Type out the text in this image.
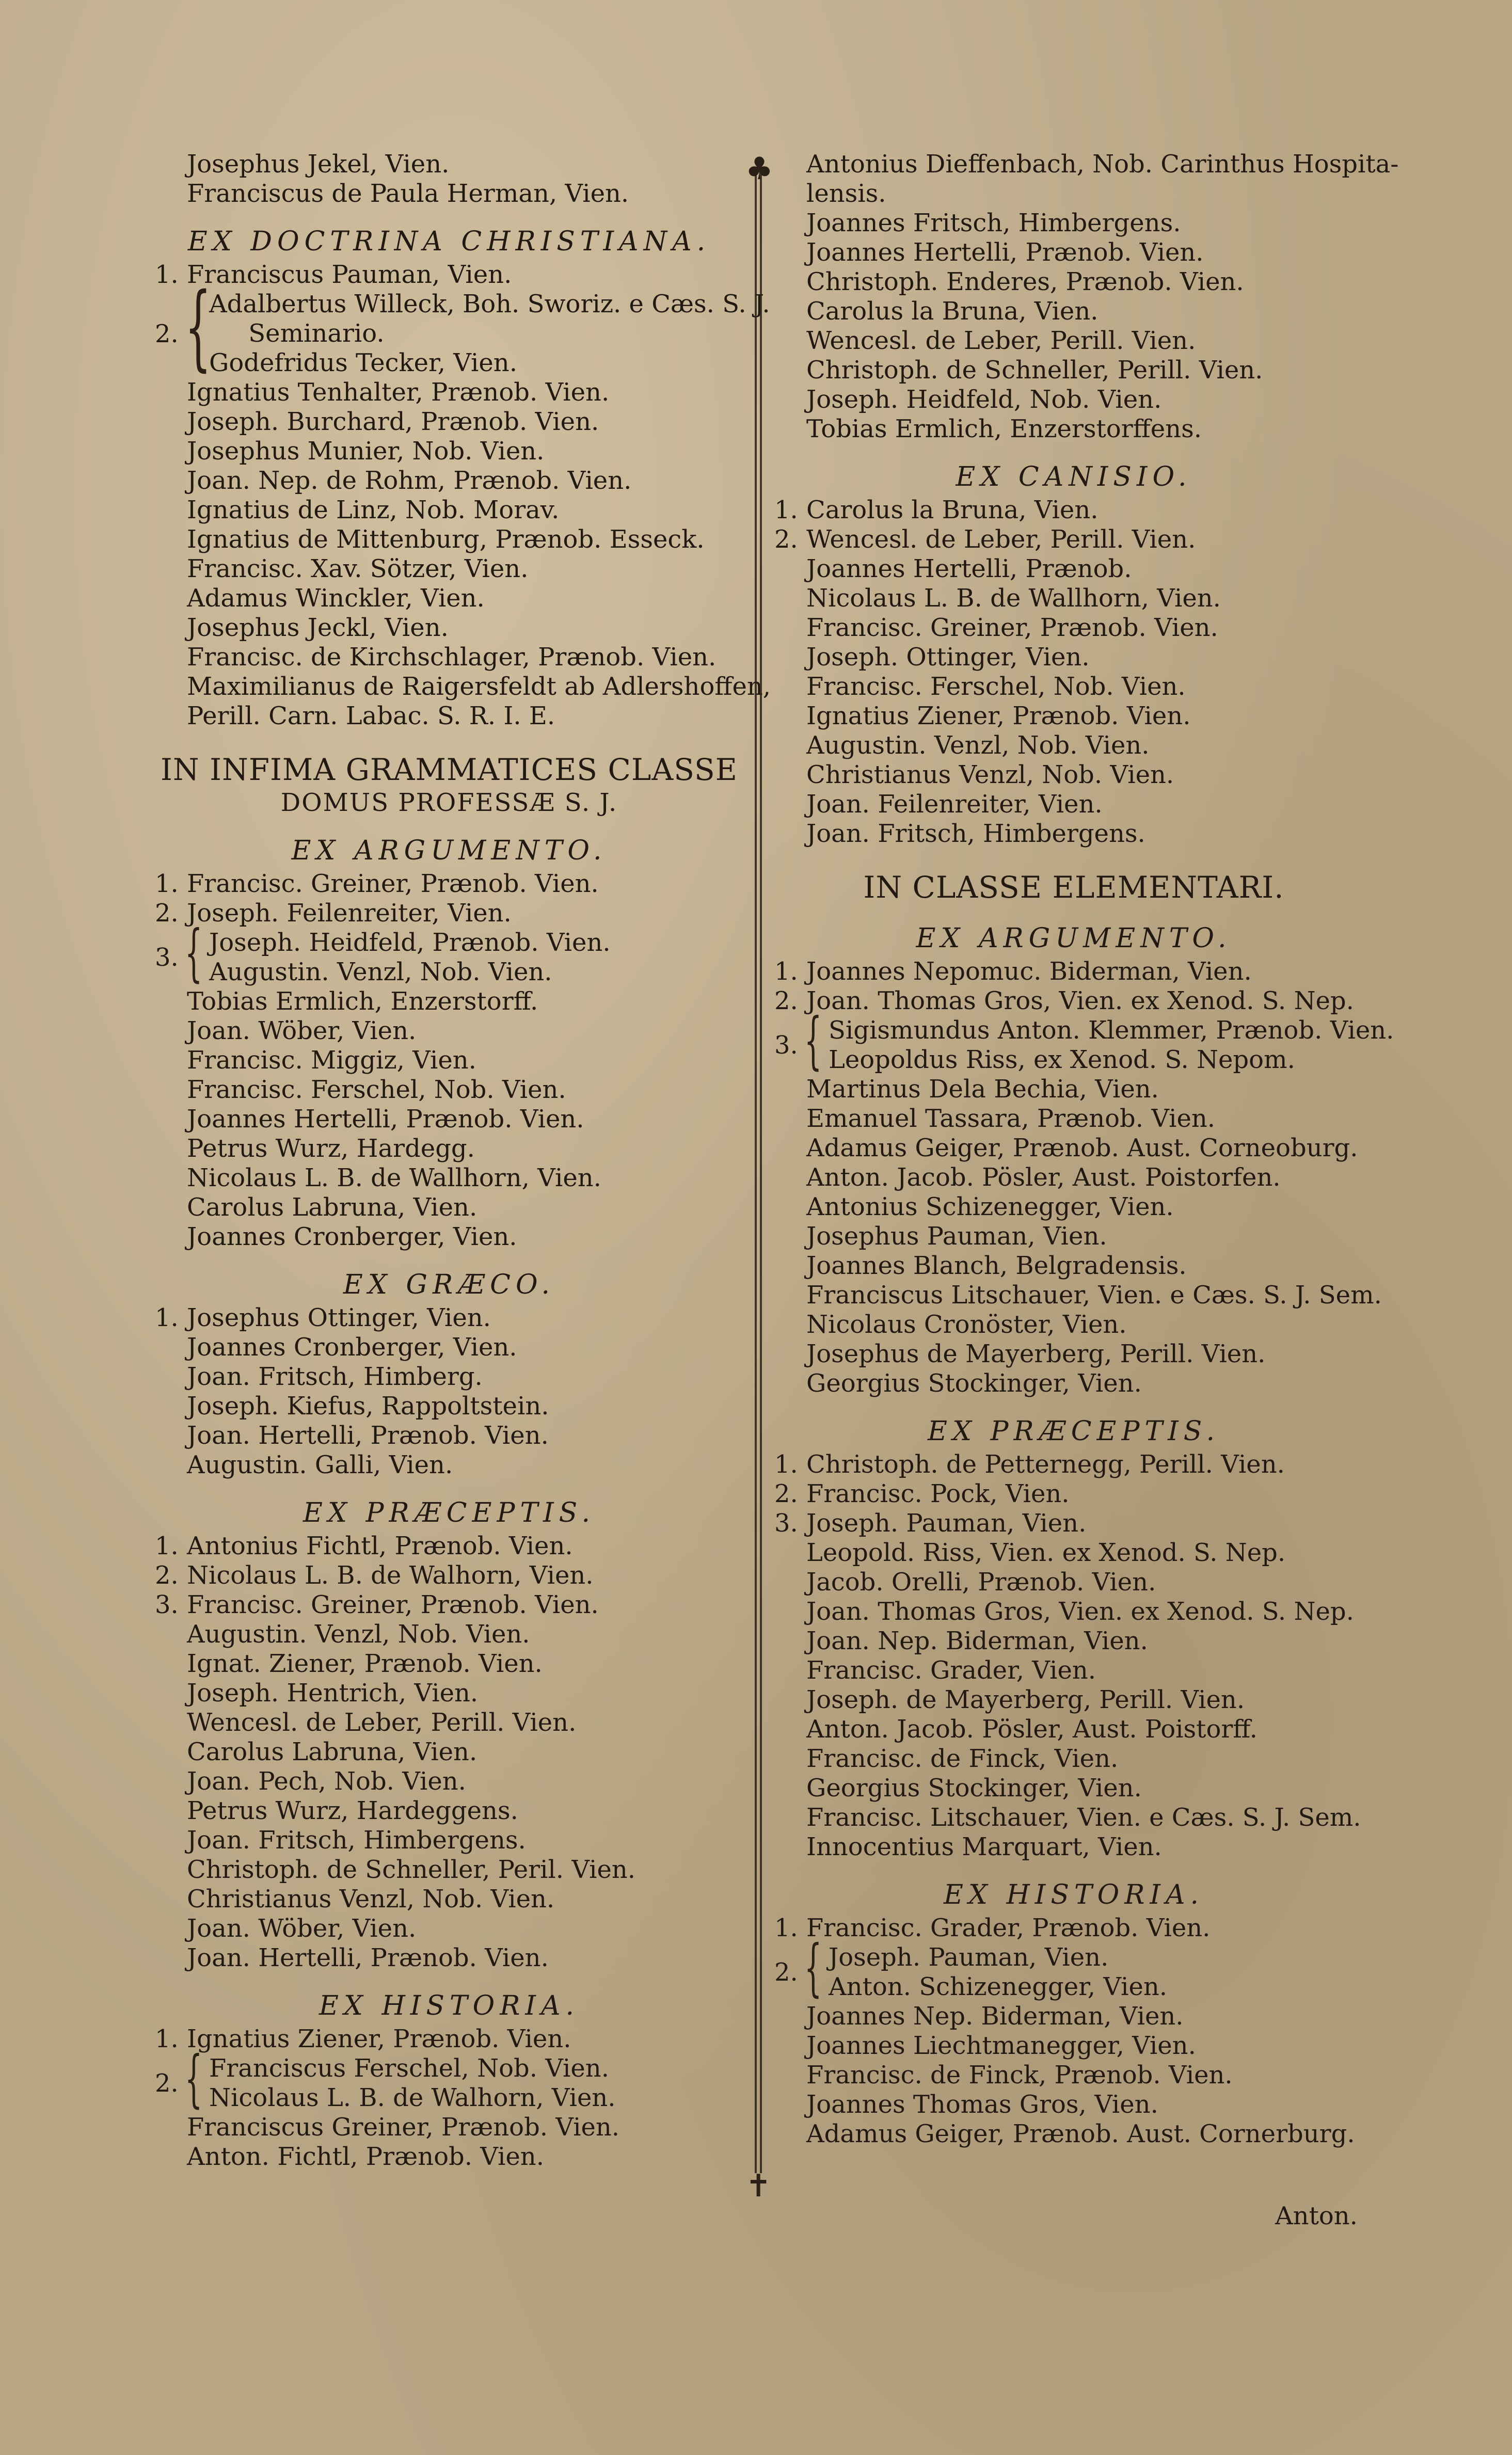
Josephus Jekel, Vien.
Franciscus de Paula Herman, Vien.
EX DOCTRINA CHRISTIANA.
1. Franciscus Pauman, Vien.
2. {
Adalbertus Willeck, Boh. Sworiz. e Cæs. S. J.
Seminario.
Godefridus Tecker, Vien.
Ignatius Tenhalter, Prænob. Vien.
Joseph. Burchard, Prænob. Vien.
Josephus Munier, Nob. Vien.
Joan. Nep. de Rohm, Prænob. Vien.
Ignatius de Linz, Nob. Morav.
Ignatius de Mittenburg, Prænob. Esseck.
Francisc. Xav. Sötzer, Vien.
Adamus Winckler, Vien.
Josephus Jeckl, Vien.
Francisc. de Kirchschlager, Prænob. Vien.
Maximilianus de Raigersfeldt ab Adlershoffen,
Perill. Carn. Labac. S. R. I. E.
IN INFIMA GRAMMATICES CLASSE
DOMUS PROFESSÆ S. J.
EX ARGUMENTO.
1. Francisc. Greiner, Prænob. Vien.
2. Joseph. Feilenreiter, Vien.
3. { Joseph. Heidfeld, Prænob. Vien.
Augustin. Venzl, Nob. Vien.
Tobias Ermlich, Enzerstorff.
Joan. Wöber, Vien.
Francisc. Miggiz, Vien.
Francisc. Ferschel, Nob. Vien.
Joannes Hertelli, Prænob. Vien.
Petrus Wurz, Hardegg.
Nicolaus L. B. de Wallhorn, Vien.
Carolus Labruna, Vien.
Joannes Cronberger, Vien.
EX GRÆCO.
1. Josephus Ottinger, Vien.
Joannes Cronberger, Vien.
Joan. Fritsch, Himberg.
Joseph. Kiefus, Rappoltstein.
Joan. Hertelli, Prænob. Vien.
Augustin. Galli, Vien.
EX PRÆCEPTIS.
1. Antonius Fichtl, Prænob. Vien.
2. Nicolaus L. B. de Walhorn, Vien.
3. Francisc. Greiner, Prænob. Vien.
Augustin. Venzl, Nob. Vien.
Ignat. Ziener, Prænob. Vien.
Joseph. Hentrich, Vien.
Wencesl. de Leber, Perill. Vien.
Carolus Labruna, Vien.
Joan. Pech, Nob. Vien.
Petrus Wurz, Hardeggens.
Joan. Fritsch, Himbergens.
Christoph. de Schneller, Peril. Vien.
Christianus Venzl, Nob. Vien.
Joan. Wöber, Vien.
Joan. Hertelli, Prænob. Vien.
EX HISTORIA.
1. Ignatius Ziener, Prænob. Vien.
2. { Franciscus Ferschel, Nob. Vien.
Nicolaus L. B. de Walhorn, Vien.
Franciscus Greiner, Prænob. Vien.
Anton. Fichtl, Prænob. Vien.
♣
✝
Antonius Dieffenbach, Nob. Carinthus Hospita-
lensis.
Joannes Fritsch, Himbergens.
Joannes Hertelli, Prænob. Vien.
Christoph. Enderes, Prænob. Vien.
Carolus la Bruna, Vien.
Wencesl. de Leber, Perill. Vien.
Christoph. de Schneller, Perill. Vien.
Joseph. Heidfeld, Nob. Vien.
Tobias Ermlich, Enzerstorffens.
EX CANISIO.
1. Carolus la Bruna, Vien.
2. Wencesl. de Leber, Perill. Vien.
Joannes Hertelli, Prænob.
Nicolaus L. B. de Wallhorn, Vien.
Francisc. Greiner, Prænob. Vien.
Joseph. Ottinger, Vien.
Francisc. Ferschel, Nob. Vien.
Ignatius Ziener, Prænob. Vien.
Augustin. Venzl, Nob. Vien.
Christianus Venzl, Nob. Vien.
Joan. Feilenreiter, Vien.
Joan. Fritsch, Himbergens.
IN CLASSE ELEMENTARI.
EX ARGUMENTO.
1. Joannes Nepomuc. Biderman, Vien.
2. Joan. Thomas Gros, Vien. ex Xenod. S. Nep.
3. { Sigismundus Anton. Klemmer, Prænob. Vien.
Leopoldus Riss, ex Xenod. S. Nepom.
Martinus Dela Bechia, Vien.
Emanuel Tassara, Prænob. Vien.
Adamus Geiger, Prænob. Aust. Corneoburg.
Anton. Jacob. Pösler, Aust. Poistorfen.
Antonius Schizenegger, Vien.
Josephus Pauman, Vien.
Joannes Blanch, Belgradensis.
Franciscus Litschauer, Vien. e Cæs. S. J. Sem.
Nicolaus Cronöster, Vien.
Josephus de Mayerberg, Perill. Vien.
Georgius Stockinger, Vien.
EX PRÆCEPTIS.
1. Christoph. de Petternegg, Perill. Vien.
2. Francisc. Pock, Vien.
3. Joseph. Pauman, Vien.
Leopold. Riss, Vien. ex Xenod. S. Nep.
Jacob. Orelli, Prænob. Vien.
Joan. Thomas Gros, Vien. ex Xenod. S. Nep.
Joan. Nep. Biderman, Vien.
Francisc. Grader, Vien.
Joseph. de Mayerberg, Perill. Vien.
Anton. Jacob. Pösler, Aust. Poistorff.
Francisc. de Finck, Vien.
Georgius Stockinger, Vien.
Francisc. Litschauer, Vien. e Cæs. S. J. Sem.
Innocentius Marquart, Vien.
EX HISTORIA.
1. Francisc. Grader, Prænob. Vien.
2. { Joseph. Pauman, Vien.
Anton. Schizenegger, Vien.
Joannes Nep. Biderman, Vien.
Joannes Liechtmanegger, Vien.
Francisc. de Finck, Prænob. Vien.
Joannes Thomas Gros, Vien.
Adamus Geiger, Prænob. Aust. Cornerburg.
Anton.
